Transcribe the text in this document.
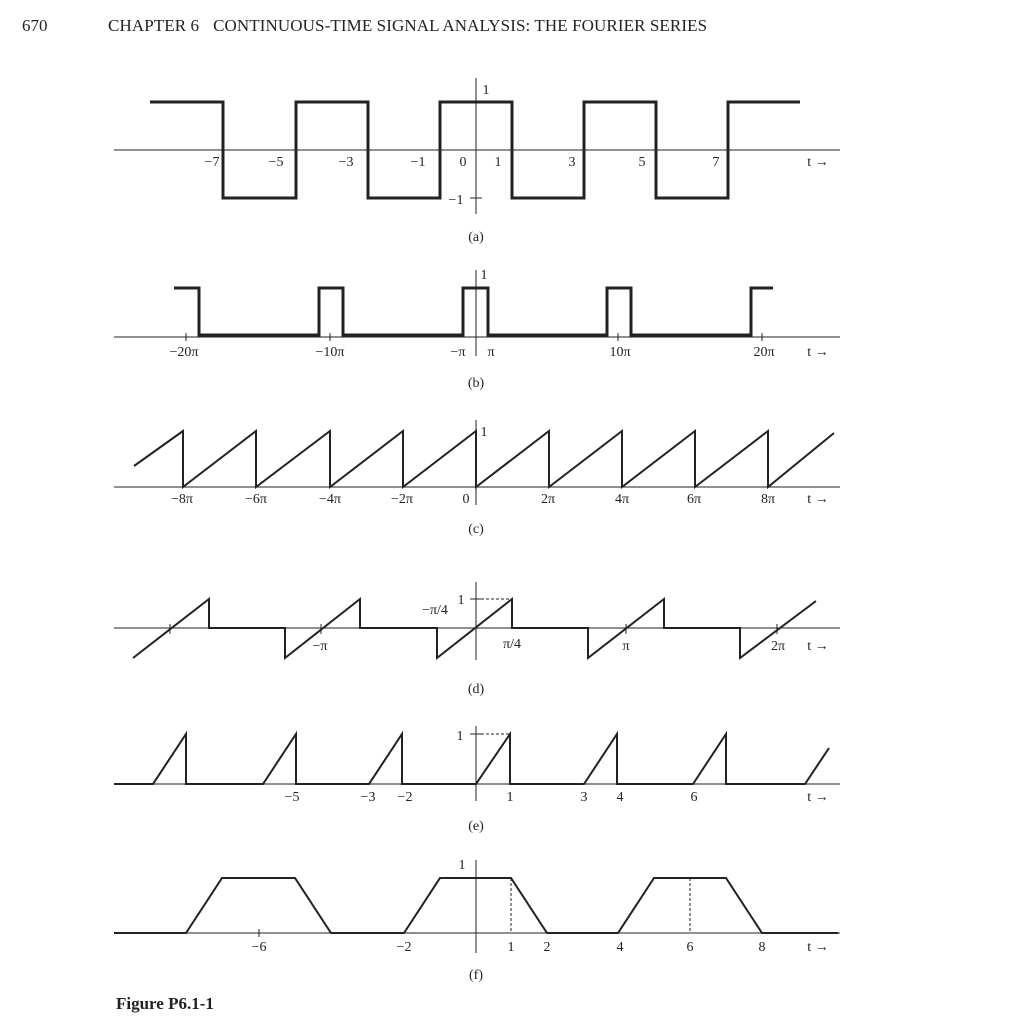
670	CHAPTER 6 CONTINUOUS-TIME SIGNAL ANALYSIS: THE FOURIER SERIES
−7	−5	−3	−1 0 1	3	5	7
1
−1
(a)
t →
−20π	−10π	−π π	10π	20π
1
(b)
t →
−8π	−6π	−4π	−2π	0	2π	4π	6π	8π
1
(c)
t →
−π
−π/4
π/4	π	2π
1
(d)
t →
−5	−3 −2	1	3 4	6
1
(e)
t →
−6	−2	1 2	4	6	8
1
(f)
t →
Figure P6.1-1
